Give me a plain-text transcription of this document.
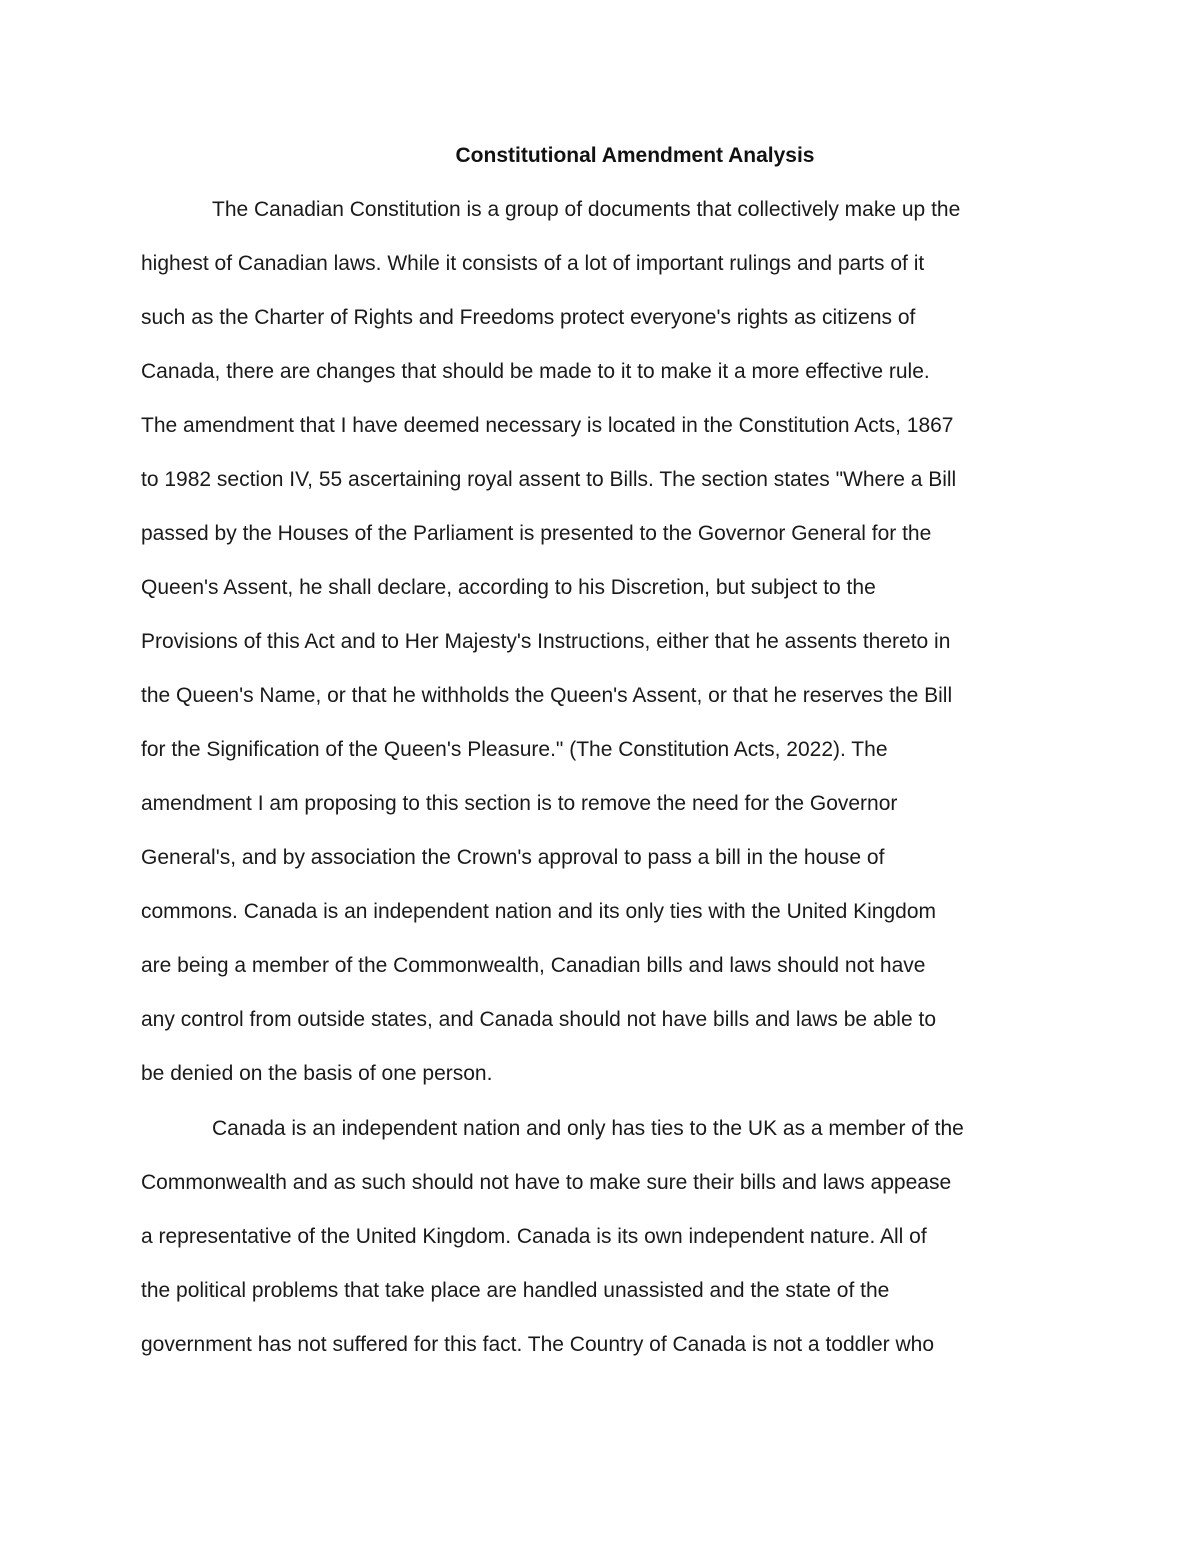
Constitutional Amendment Analysis
The Canadian Constitution is a group of documents that collectively make up the
highest of Canadian laws. While it consists of a lot of important rulings and parts of it
such as the Charter of Rights and Freedoms protect everyone's rights as citizens of
Canada, there are changes that should be made to it to make it a more effective rule.
The amendment that I have deemed necessary is located in the Constitution Acts, 1867
to 1982 section IV, 55 ascertaining royal assent to Bills. The section states "Where a Bill
passed by the Houses of the Parliament is presented to the Governor General for the
Queen's Assent, he shall declare, according to his Discretion, but subject to the
Provisions of this Act and to Her Majesty's Instructions, either that he assents thereto in
the Queen's Name, or that he withholds the Queen's Assent, or that he reserves the Bill
for the Signification of the Queen's Pleasure." (The Constitution Acts, 2022). The
amendment I am proposing to this section is to remove the need for the Governor
General's, and by association the Crown's approval to pass a bill in the house of
commons. Canada is an independent nation and its only ties with the United Kingdom
are being a member of the Commonwealth, Canadian bills and laws should not have
any control from outside states, and Canada should not have bills and laws be able to
be denied on the basis of one person.
Canada is an independent nation and only has ties to the UK as a member of the
Commonwealth and as such should not have to make sure their bills and laws appease
a representative of the United Kingdom. Canada is its own independent nature. All of
the political problems that take place are handled unassisted and the state of the
government has not suffered for this fact. The Country of Canada is not a toddler who
